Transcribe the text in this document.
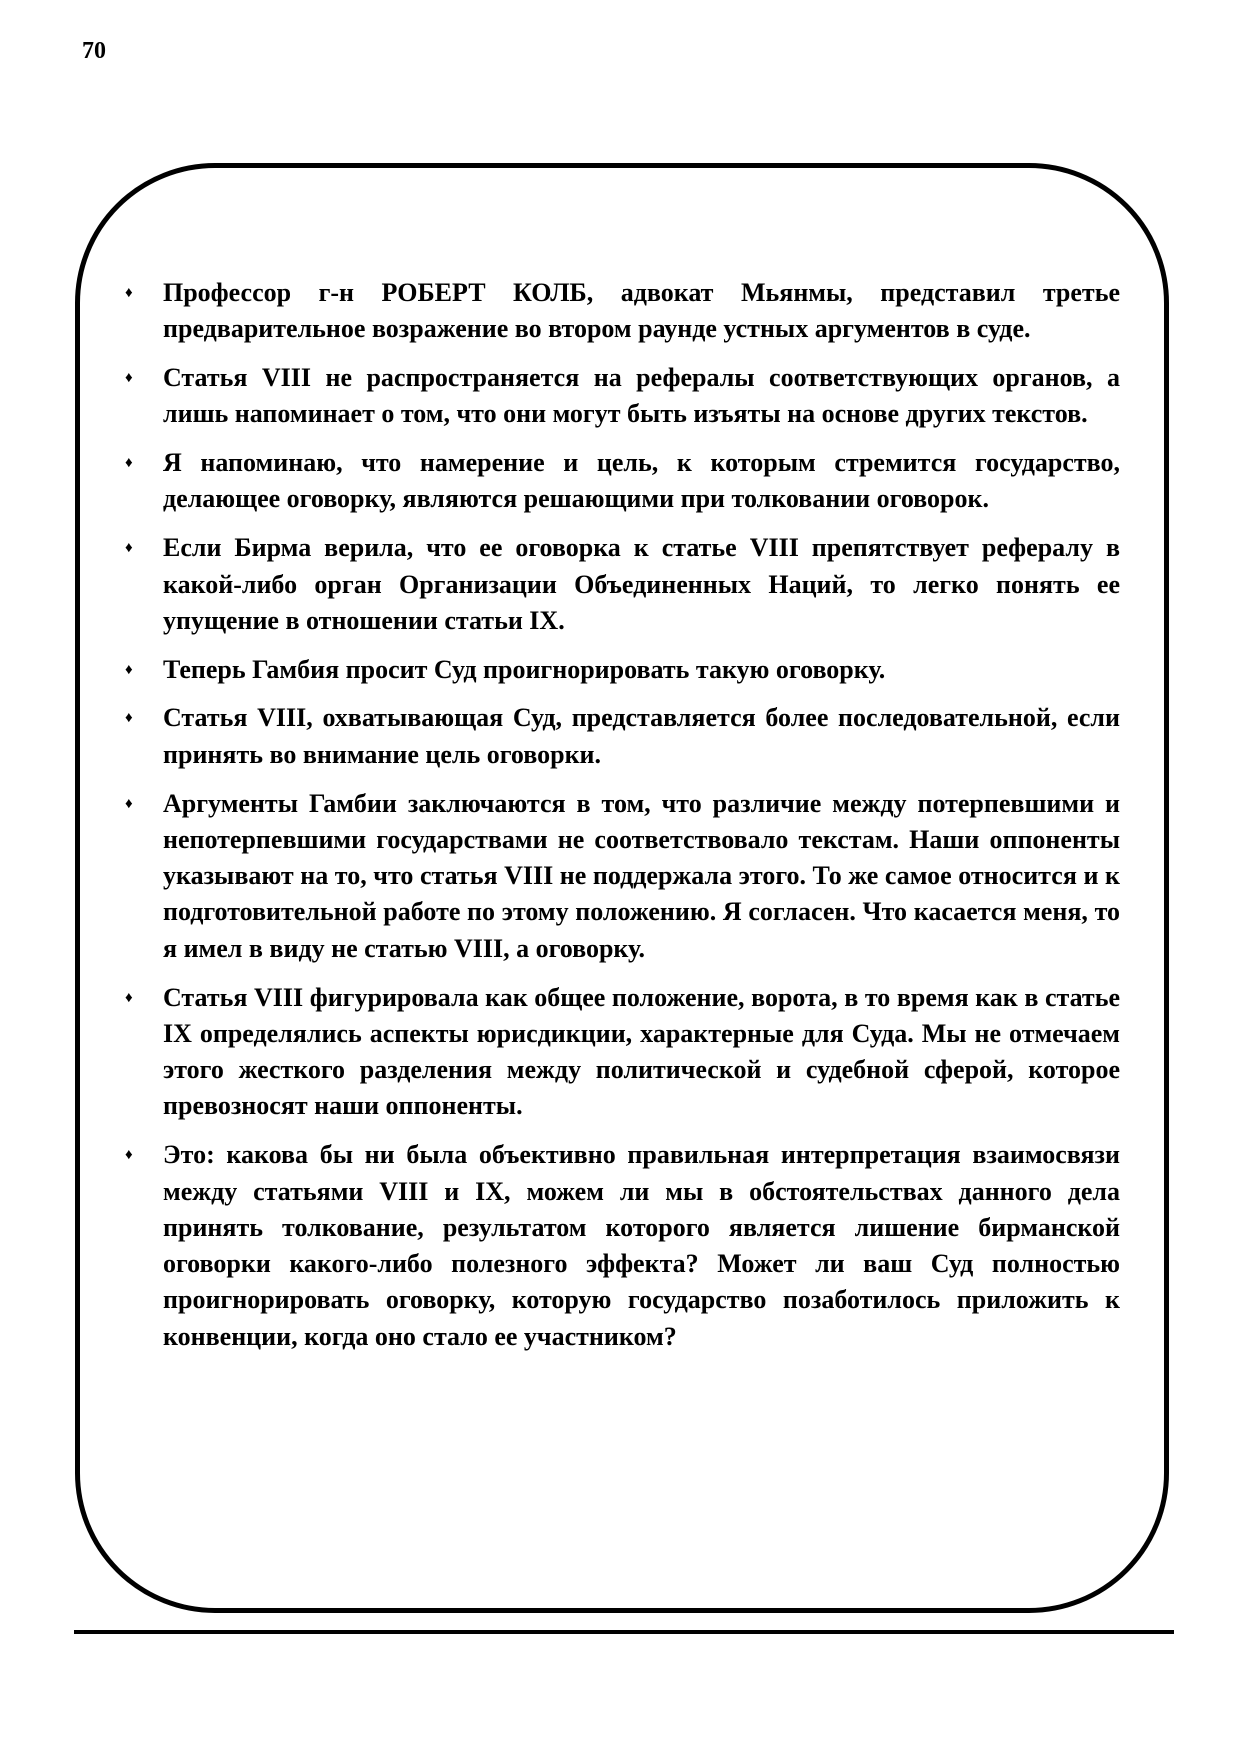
70
♦ Профессор г-н РОБЕРТ КОЛБ, адвокат Мьянмы, представил третье предварительное возражение во втором раунде устных аргументов в суде.
♦ Статья VIII не распространяется на рефералы соответствующих органов, а лишь напоминает о том, что они могут быть изъяты на основе других текстов.
♦ Я напоминаю, что намерение и цель, к которым стремится государство, делающее оговорку, являются решающими при толковании оговорок.
♦ Если Бирма верила, что ее оговорка к статье VIII препятствует рефералу в какой-либо орган Организации Объединенных Наций, то легко понять ее упущение в отношении статьи IX.
♦ Теперь Гамбия просит Суд проигнорировать такую оговорку.
♦ Статья VIII, охватывающая Суд, представляется более последовательной, если принять во внимание цель оговорки.
♦ Аргументы Гамбии заключаются в том, что различие между потерпевшими и непотерпевшими государствами не соответствовало текстам. Наши оппоненты указывают на то, что статья VIII не поддержала этого. То же самое относится и к подготовительной работе по этому положению. Я согласен. Что касается меня, то я имел в виду не статью VIII, а оговорку.
♦ Статья VIII фигурировала как общее положение, ворота, в то время как в статье IX определялись аспекты юрисдикции, характерные для Суда. Мы не отмечаем этого жесткого разделения между политической и судебной сферой, которое превозносят наши оппоненты.
♦ Это: какова бы ни была объективно правильная интерпретация взаимосвязи между статьями VIII и IX, можем ли мы в обстоятельствах данного дела принять толкование, результатом которого является лишение бирманской оговорки какого-либо полезного эффекта? Может ли ваш Суд полностью проигнорировать оговорку, которую государство позаботилось приложить к конвенции, когда оно стало ее участником?
